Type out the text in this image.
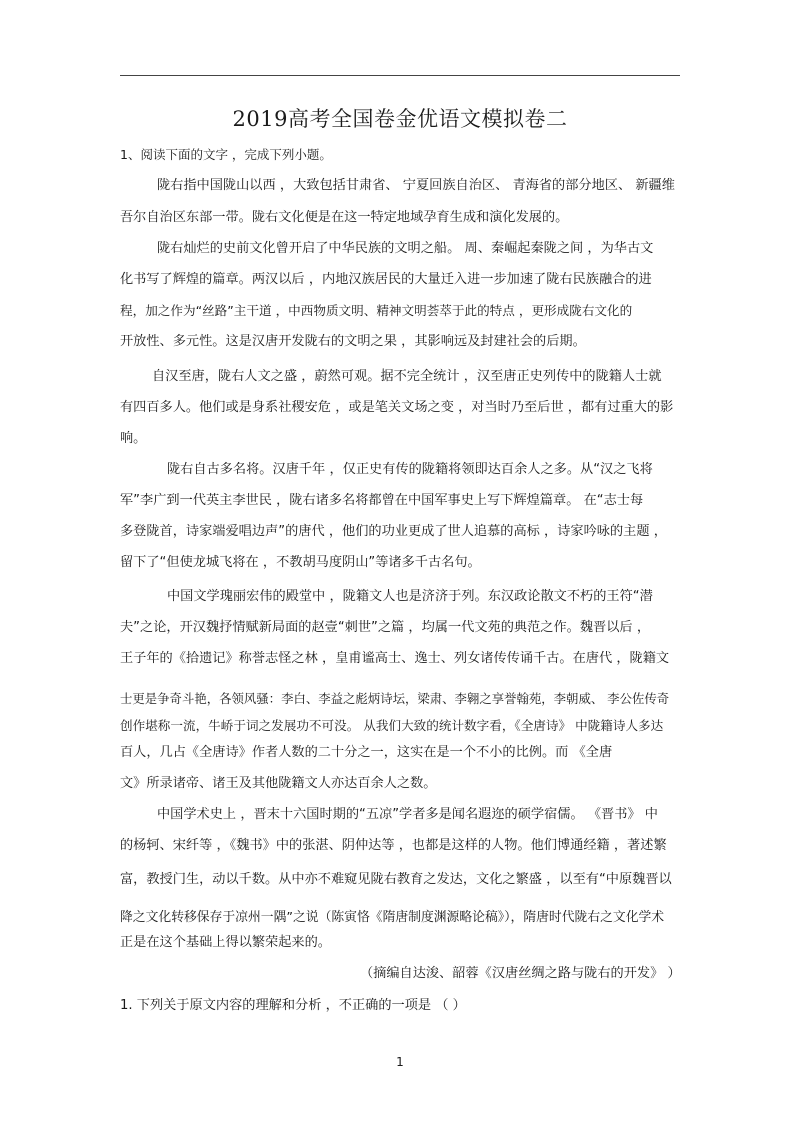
2019高考全国卷金优语文模拟卷二
1、阅读下面的文字 ，完成下列小题。
陇右指中国陇山以西 ，大致包括甘肃省、 宁夏回族自治区、 青海省的部分地区、 新疆维
吾尔自治区东部一带。陇右文化便是在这一特定地域孕育生成和演化发展的。
陇右灿烂的史前文化曾开启了中华民族的文明之船。 周、秦崛起秦陇之间 ，为华古文
化书写了辉煌的篇章。两汉以后 ，内地汉族居民的大量迁入进一步加速了陇右民族融合的进
程，加之作为“丝路”主干道 ，中西物质文明、精神文明荟萃于此的特点 ，更形成陇右文化的
开放性、多元性。这是汉唐开发陇右的文明之果 ，其影响远及封建社会的后期。
自汉至唐，陇右人文之盛 ，蔚然可观。据不完全统计 ，汉至唐正史列传中的陇籍人士就
有四百多人。他们或是身系社稷安危 ，或是笔关文场之变 ，对当时乃至后世 ，都有过重大的影
响。
陇右自古多名将。汉唐千年 ，仅正史有传的陇籍将领即达百余人之多。从“汉之飞将
军”李广到一代英主李世民 ，陇右诸多名将都曾在中国军事史上写下辉煌篇章。 在“志士每
多登陇首，诗家端爱唱边声”的唐代 ，他们的功业更成了世人追慕的高标 ，诗家吟咏的主题 ，
留下了“但使龙城飞将在 ，不教胡马度阴山”等诸多千古名句。
中国文学瑰丽宏伟的殿堂中 ，陇籍文人也是济济于列。东汉政论散文不朽的王符“潜
夫”之论，开汉魏抒情赋新局面的赵壹“刺世”之篇 ，均属一代文苑的典范之作。魏晋以后 ，
王子年的《拾遗记》称誉志怪之林 ，皇甫谧高士、逸士、列女诸传传诵千古。在唐代 ，陇籍文
士更是争奇斗艳，各领风骚：李白、李益之彪炳诗坛，梁肃、李翱之享誉翰苑，李朝威、 李公佐传奇
创作堪称一流，牛峤于词之发展功不可没。 从我们大致的统计数字看，《全唐诗》 中陇籍诗人多达
百人，几占《全唐诗》作者人数的二十分之一，这实在是一个不小的比例。而 《全唐
文》所录诸帝、诸王及其他陇籍文人亦达百余人之数。
中国学术史上 ，晋末十六国时期的“五凉”学者多是闻名遐迩的硕学宿儒。 《晋书》 中
的杨轲、宋纤等 ，《魏书》中的张湛、阴仲达等 ，也都是这样的人物。他们博通经籍 ，著述繁
富，教授门生，动以千数。从中亦不难窥见陇右教育之发达，文化之繁盛 ，以至有“中原魏晋以
降之文化转移保存于凉州一隅”之说（陈寅恪《隋唐制度渊源略论稿》），隋唐时代陇右之文化学术
正是在这个基础上得以繁荣起来的。
（摘编自达浚、韶蓉《汉唐丝绸之路与陇右的开发》 ）
1. 下列关于原文内容的理解和分析 ，不正确的一项是 （ ）
1
